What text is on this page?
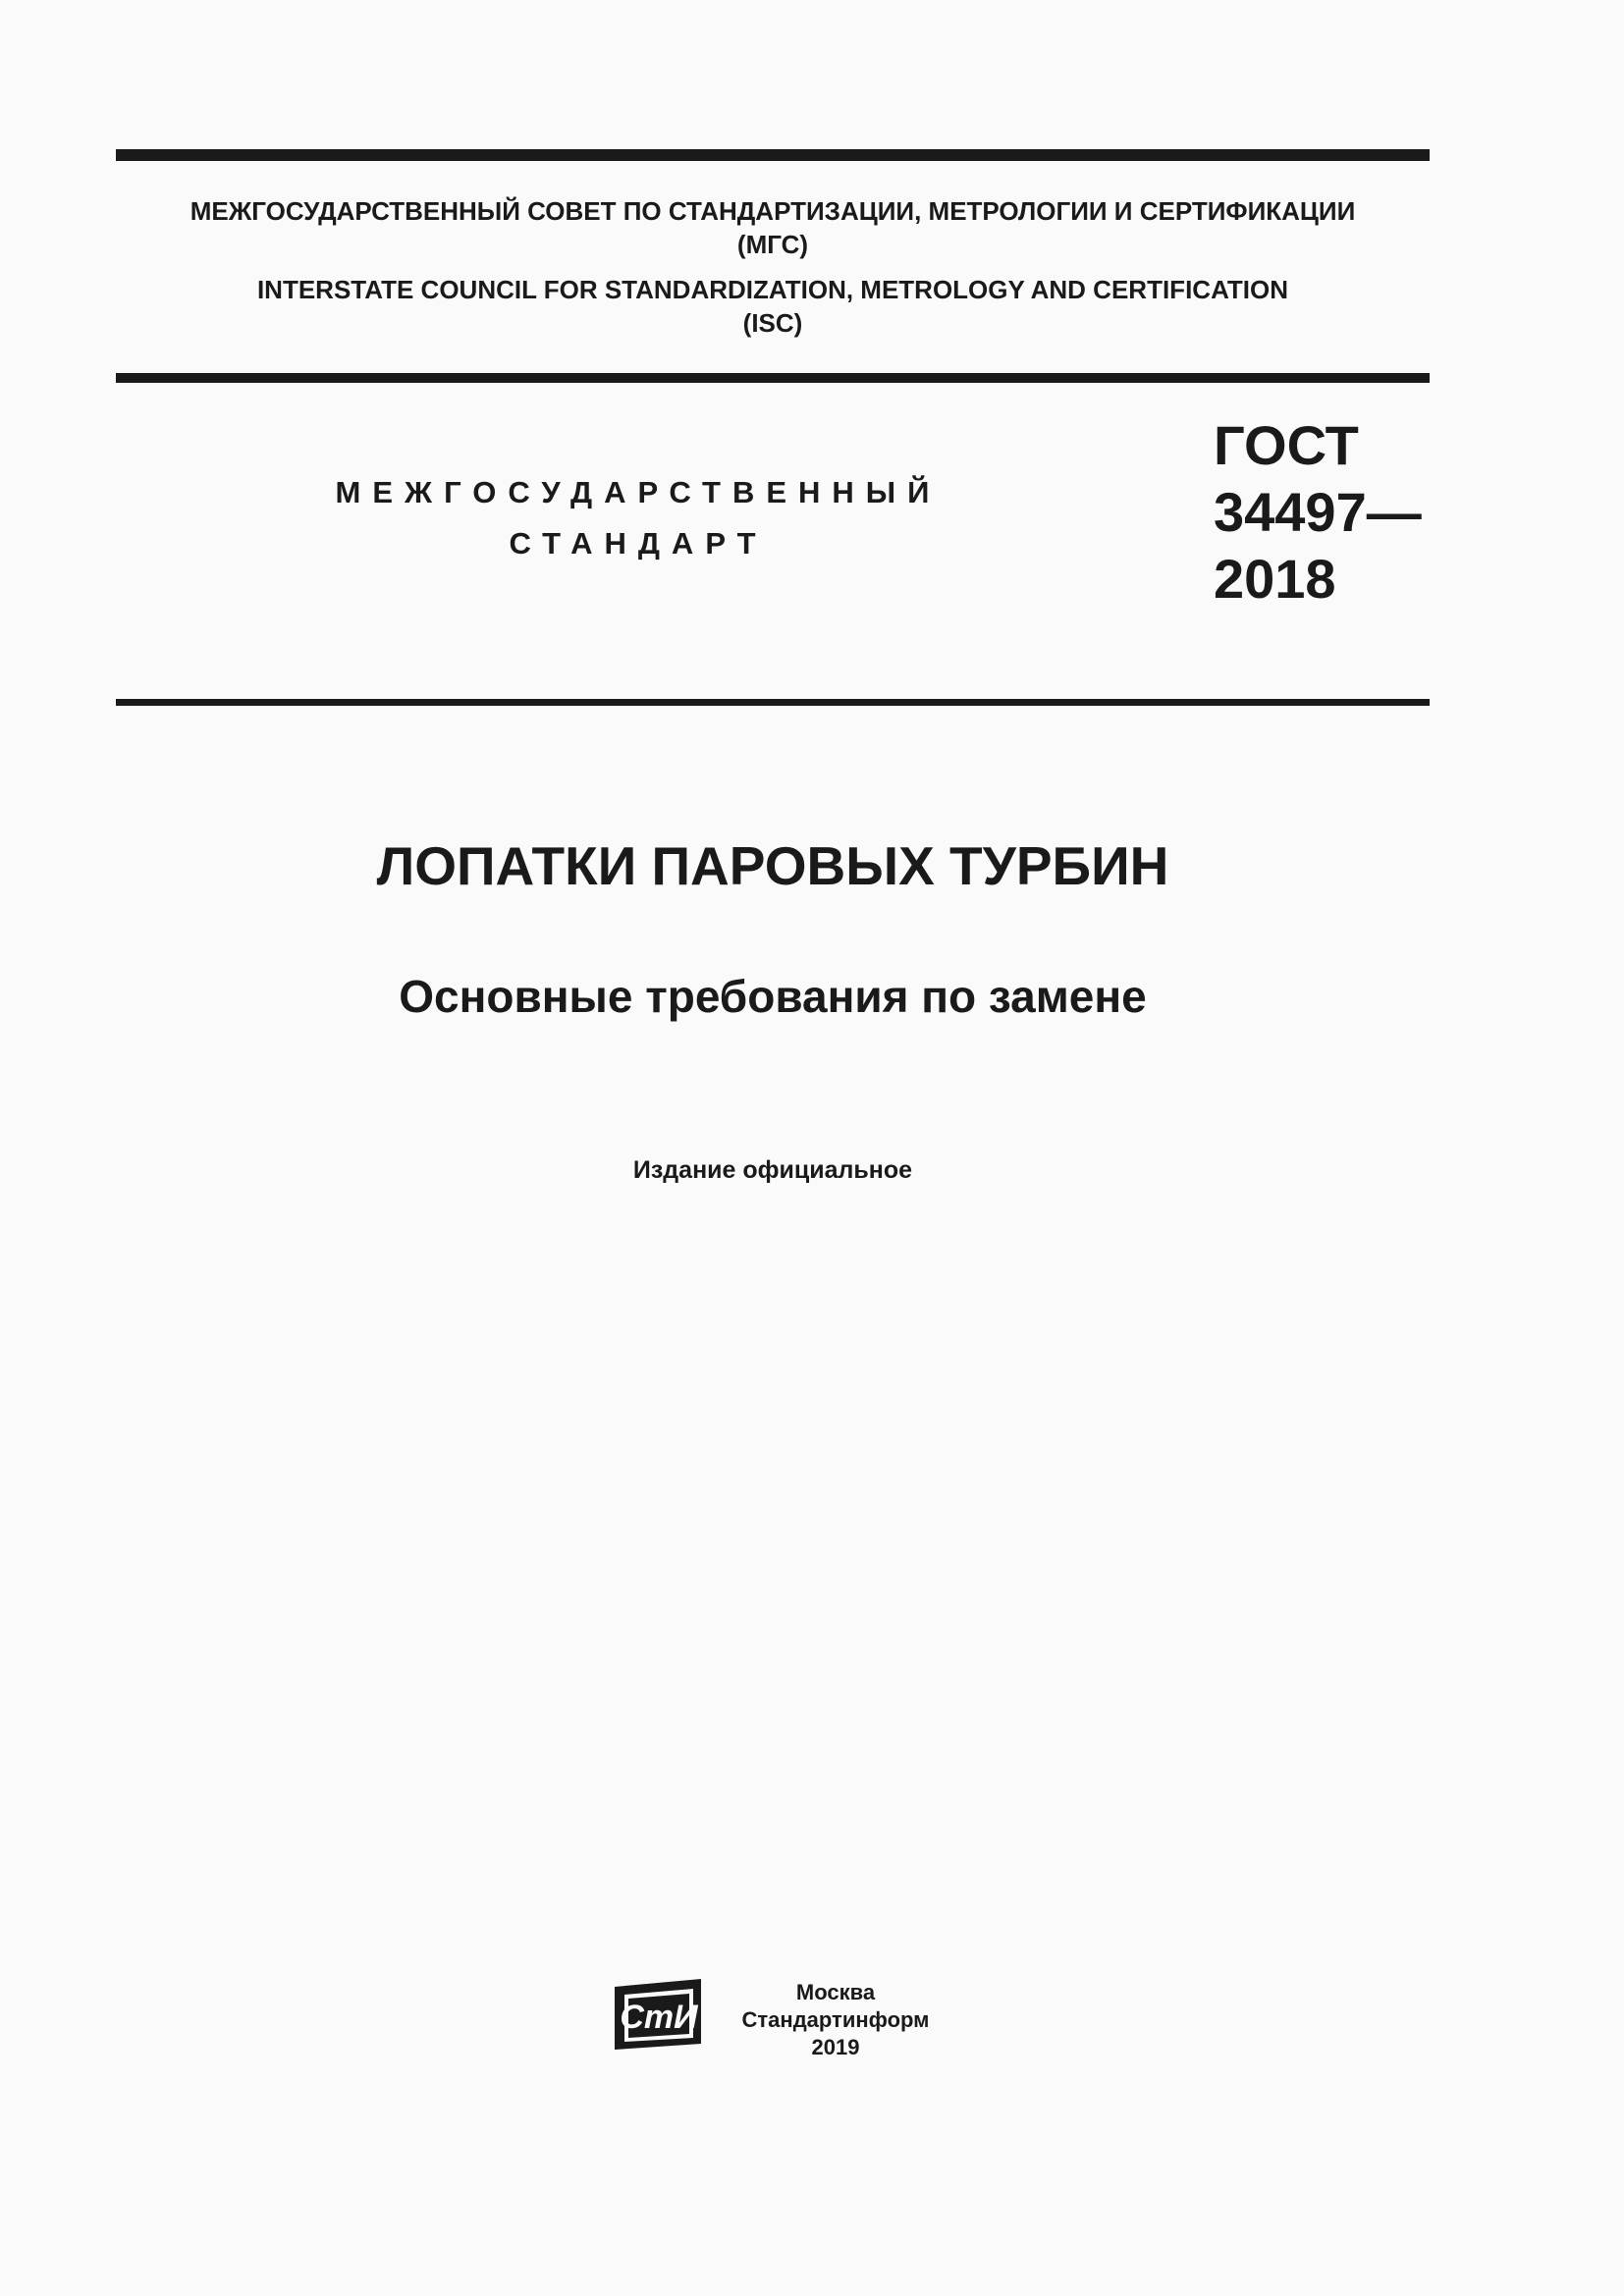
МЕЖГОСУДАРСТВЕННЫЙ СОВЕТ ПО СТАНДАРТИЗАЦИИ, МЕТРОЛОГИИ И СЕРТИФИКАЦИИ
(МГС)
INTERSTATE COUNCIL FOR STANDARDIZATION, METROLOGY AND CERTIFICATION
(ISC)
МЕЖГОСУДАРСТВЕННЫЙ
СТАНДАРТ
ГОСТ
34497—
2018
ЛОПАТКИ ПАРОВЫХ ТУРБИН
Основные требования по замене
Издание официальное
СтИ
Москва
Стандартинформ
2019
